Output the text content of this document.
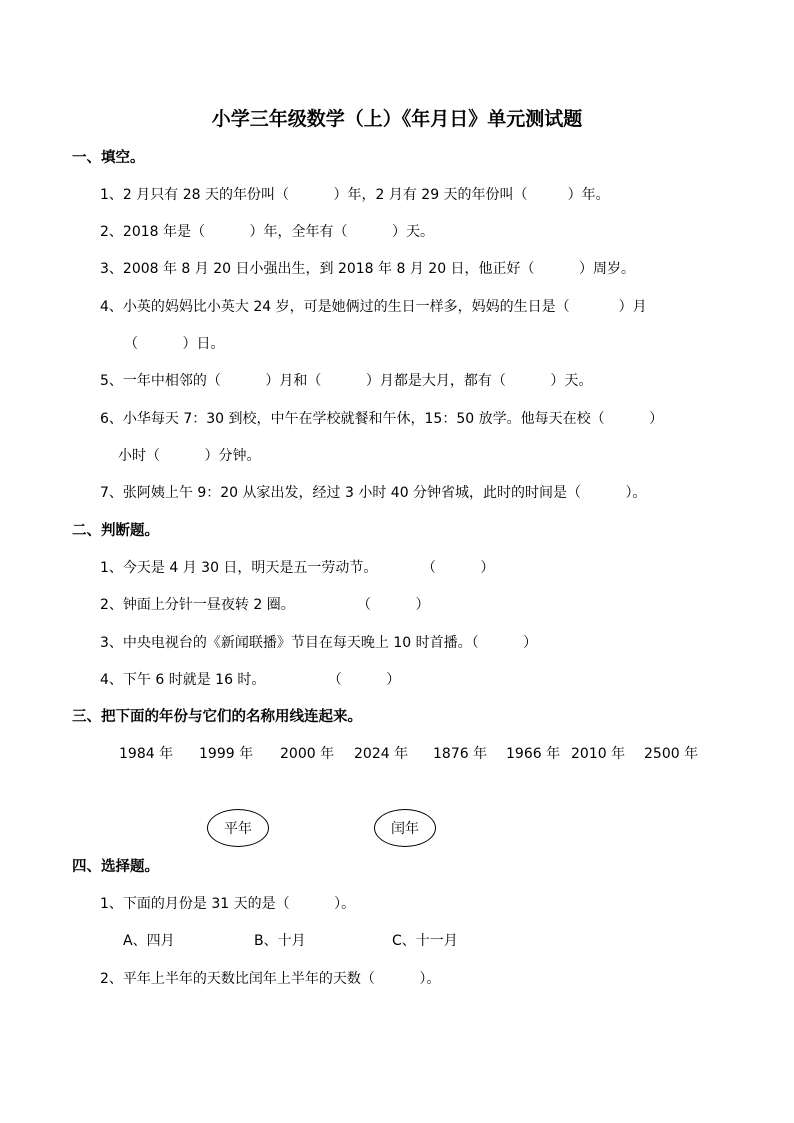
小学三年级数学（上）《年月日》单元测试题
一、填空。
1、2 月只有 28 天的年份叫（          ）年，2 月有 29 天的年份叫（         ）年。
2、2018 年是（          ）年，全年有（          ）天。
3、2008 年 8 月 20 日小强出生，到 2018 年 8 月 20 日，他正好（          ）周岁。
4、小英的妈妈比小英大 24 岁，可是她俩过的生日一样多，妈妈的生日是（           ）月
（          ）日。
5、一年中相邻的（          ）月和（          ）月都是大月，都有（          ）天。
6、小华每天 7：30 到校，中午在学校就餐和午休，15：50 放学。他每天在校（          ）
小时（          ）分钟。
7、张阿姨上午 9：20 从家出发，经过 3 小时 40 分钟省城，此时的时间是（          ）。
二、判断题。
1、今天是 4 月 30 日，明天是五一劳动节。          （          ）
2、钟面上分针一昼夜转 2 圈。              （          ）
3、中央电视台的《新闻联播》节目在每天晚上 10 时首播。（          ）
4、下午 6 时就是 16 时。              （          ）
三、把下面的年份与它们的名称用线连起来。
1984 年 1999 年 2000 年 2024 年 1876 年 1966 年 2010 年 2500 年
平年	闰年
四、选择题。
1、下面的月份是 31 天的是（          ）。
A、四月	B、十月	C、十一月
2、平年上半年的天数比闰年上半年的天数（          ）。
